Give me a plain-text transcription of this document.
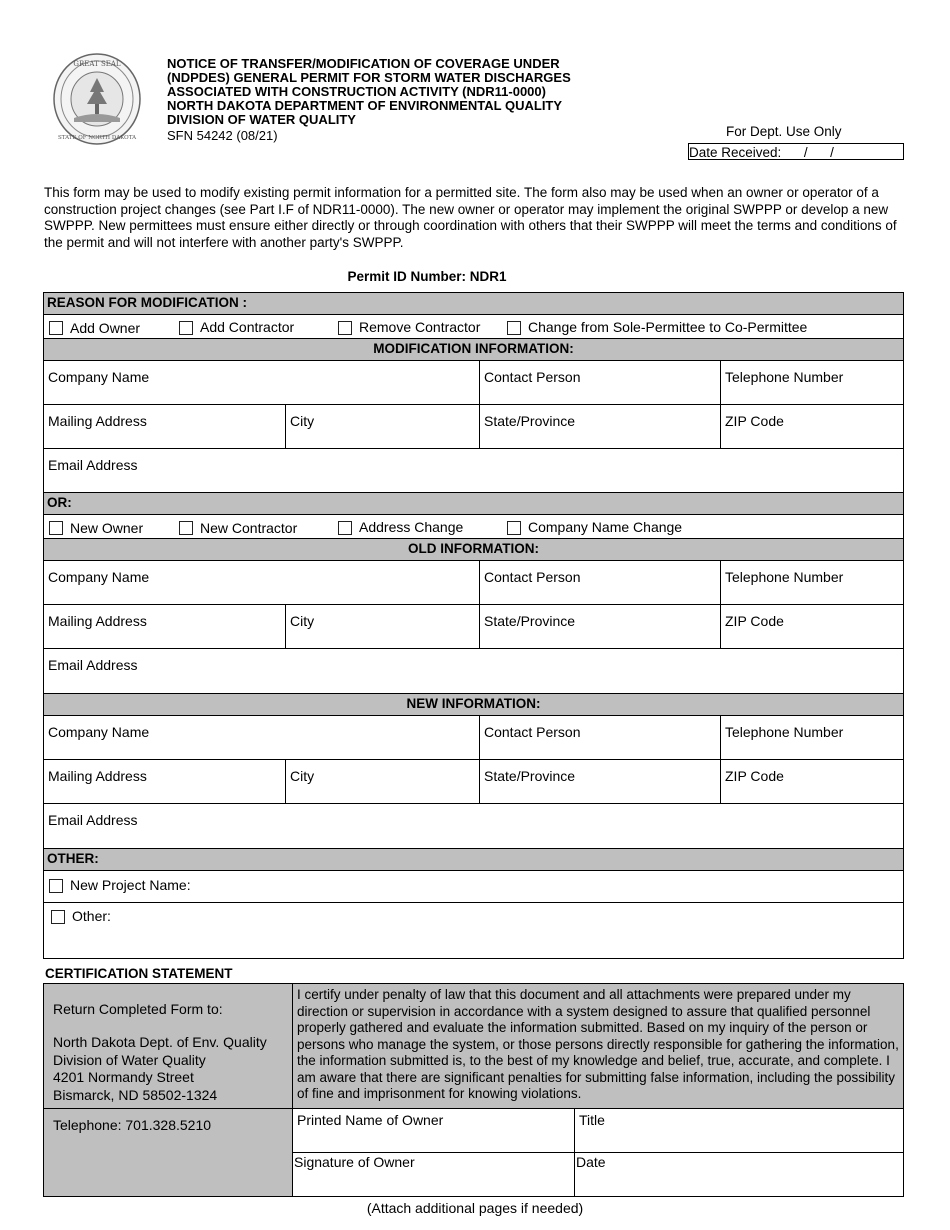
GREAT SEAL
STATE OF NORTH DAKOTA
NOTICE OF TRANSFER/MODIFICATION OF COVERAGE UNDER
(NDPDES) GENERAL PERMIT FOR STORM WATER DISCHARGES
ASSOCIATED WITH CONSTRUCTION ACTIVITY (NDR11-0000)
NORTH DAKOTA DEPARTMENT OF ENVIRONMENTAL QUALITY
DIVISION OF WATER QUALITY
SFN 54242 (08/21)	For Dept. Use Only
Date Received:___/___/___
This form may be used to modify existing permit information for a permitted site. The form also may be used when an owner or operator of a construction project changes (see Part I.F of NDR11-0000). The new owner or operator may implement the original SWPPP or develop a new SWPPP. New permittees must ensure either directly or through coordination with others that their SWPPP will meet the terms and conditions of the permit and will not interfere with another party's SWPPP.
Permit ID Number: NDR1
REASON FOR MODIFICATION :
Add Owner	Add Contractor	Remove Contractor	Change from Sole-Permittee to Co-Permittee
MODIFICATION INFORMATION:
Company Name	Contact Person	Telephone Number
Mailing Address	City	State/Province	ZIP Code
Email Address
OR:
New Owner	New Contractor	Address Change	Company Name Change
OLD INFORMATION:
Company Name	Contact Person	Telephone Number
Mailing Address	City	State/Province	ZIP Code
Email Address
NEW INFORMATION:
Company Name	Contact Person	Telephone Number
Mailing Address	City	State/Province	ZIP Code
Email Address
OTHER:
New Project Name:
Other:
CERTIFICATION STATEMENT
Return Completed Form to:
North Dakota Dept. of Env. Quality
Division of Water Quality
4201 Normandy Street
Bismarck, ND 58502-1324
Telephone: 701.328.5210
I certify under penalty of law that this document and all attachments were prepared under my direction or supervision in accordance with a system designed to assure that qualified personnel properly gathered and evaluate the information submitted. Based on my inquiry of the person or persons who manage the system, or those persons directly responsible for gathering the information, the information submitted is, to the best of my knowledge and belief, true, accurate, and complete. I am aware that there are significant penalties for submitting false information, including the possibility of fine and imprisonment for knowing violations.
Printed Name of Owner	Title
Signature of Owner	Date
(Attach additional pages if needed)
